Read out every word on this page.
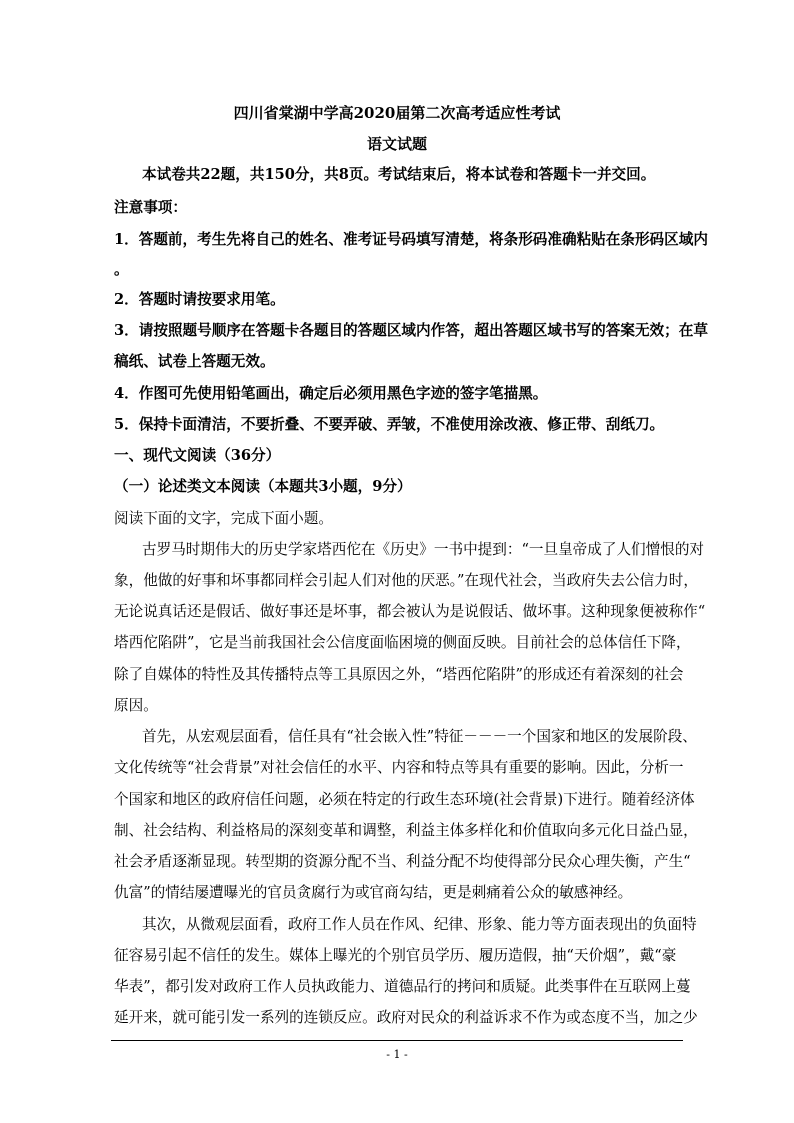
四川省棠湖中学高2020届第二次高考适应性考试
语文试题
本试卷共22题，共150分，共8页。考试结束后，将本试卷和答题卡一并交回。
注意事项：
1．答题前，考生先将自己的姓名、准考证号码填写清楚，将条形码准确粘贴在条形码区域内
。
2．答题时请按要求用笔。
3．请按照题号顺序在答题卡各题目的答题区域内作答，超出答题区域书写的答案无效；在草
稿纸、试卷上答题无效。
4．作图可先使用铅笔画出，确定后必须用黑色字迹的签字笔描黑。
5．保持卡面清洁，不要折叠、不要弄破、弄皱，不准使用涂改液、修正带、刮纸刀。
一、现代文阅读（36分）
（一）论述类文本阅读（本题共3小题，9分）
阅读下面的文字，完成下面小题。
古罗马时期伟大的历史学家塔西佗在《历史》一书中提到：“一旦皇帝成了人们憎恨的对
象，他做的好事和坏事都同样会引起人们对他的厌恶。”在现代社会，当政府失去公信力时，
无论说真话还是假话、做好事还是坏事，都会被认为是说假话、做坏事。这种现象便被称作“
塔西佗陷阱”，它是当前我国社会公信度面临困境的侧面反映。目前社会的总体信任下降，
除了自媒体的特性及其传播特点等工具原因之外，“塔西佗陷阱”的形成还有着深刻的社会
原因。
首先，从宏观层面看，信任具有“社会嵌入性”特征－－－一个国家和地区的发展阶段、
文化传统等“社会背景”对社会信任的水平、内容和特点等具有重要的影响。因此，分析一
个国家和地区的政府信任问题，必须在特定的行政生态环境(社会背景)下进行。随着经济体
制、社会结构、利益格局的深刻变革和调整，利益主体多样化和价值取向多元化日益凸显，
社会矛盾逐渐显现。转型期的资源分配不当、利益分配不均使得部分民众心理失衡，产生“
仇富”的情结屡遭曝光的官员贪腐行为或官商勾结，更是刺痛着公众的敏感神经。
其次，从微观层面看，政府工作人员在作风、纪律、形象、能力等方面表现出的负面特
征容易引起不信任的发生。媒体上曝光的个别官员学历、履历造假，抽“天价烟”，戴“豪
华表”，都引发对政府工作人员执政能力、道德品行的拷问和质疑。此类事件在互联网上蔓
延开来，就可能引发一系列的连锁反应。政府对民众的利益诉求不作为或态度不当，加之少
- 1 -
